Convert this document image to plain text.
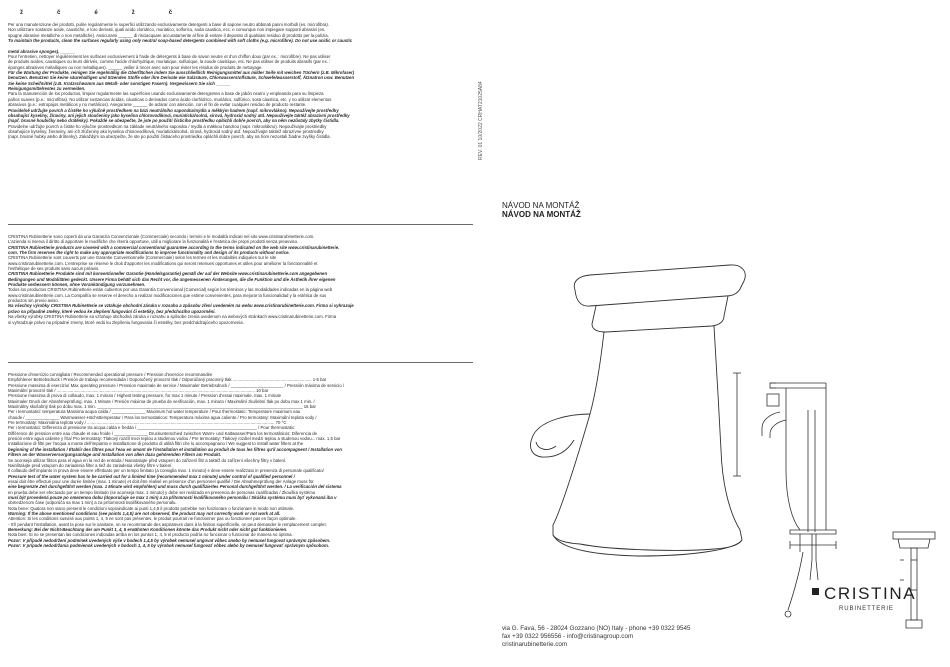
ž	č	é	ž	č

Per una manutenzione dei prodotti, pulire regolarmente le superfici utilizzando esclusivamente detergenti a base di sapone neutro abbinati panni morbidi (es. microfibra).

Non utilizzare sostanze acide, caustiche, e loro derivati, quali acido cloridrico, muriatico, solforico, soda caustica, ecc. e comunque non impiegare supporti abrasivi (es.

spugne abrasive metalliche o non metalliche). Assicurarsi ______ di risciacquare accuratamente al fine di evitare il deposito di qualsiasi residuo di prodotto per la pulizia.

To maintain the products, clean the surfaces regularly using only neutral soap-based detergents combined with soft cloths (e.g. microfibre). Do not use acidic or caustic

metal abrasive sponges). ______

Pour l'entretien, nettoyer régulièrement les surfaces exclusivement à l'aide de détergents à base de savon neutre et d'un chiffon doux (par ex. : microfibre). Ne pas utiliser

de produits acides, caustiques ou leurs dérivés, comme l'acide chlorhydrique, muriatique, sulfurique, la soude caustique, etc. Ne pas utiliser de produits abrasifs (par ex. :

éponges abrasives métalliques ou non métalliques). ______ veiller à rincer avec soin pour éviter les résidus de produits de nettoyage.

Für die Wartung der Produkte, reinigen Sie regelmäßig die Oberflächen indem Sie ausschließlich Reinigungsmittel aus milder Seife mit weichen Tüchern (z.B. Mikrofaser)

benutzen. Benutzen Sie keine säurehaltigen und ätzenden Stoffe oder ihre Derivate wie Salzsäure, Chlorwasserstoffsäure, Schwefelwasserstoff, Ätznatron usw. Benutzen

Sie keine Scheifmittel (z.B. Kratzschwamm aus Metall- oder sonstigen Fasern). Vergewissern Sie sich ______

Reinigungsmittelrestes zu vermeiden.

Para la manutención de los productos, limpiar regularmente las superficies usando exclusivamente detergentes a base de jabón neutro y empleando para su limpieza

paños suaves (p.e.: microfibra). No utilizar sustancias ácidas, cáusticas o derivados como ácido clorhídrico, muriático, sulfúrico, sosa cáustica, etc. y no utilizar elementos

abrasivos (p.e.: estropajos metálicos y no metálicos). Asegurarse ______ de aclarar con atención, con el fin de evitar cualquier residuo de producto restante.

Pravidelně udržujte povrch a čistěte ho výlučně prostředkem na bázi neutrálního saponátu/mýdla a měkkým hadrem (např. mikrovlákno). Nepoužívejte prostředky

obsahující kyseliny, žíraviny, ani jejich sloučeniny jako kyselina chlorovodíková, muriatická/solná, sírová, hydroxid sodný atd. Nepoužívejte taktéž abrazivní prostředky

(např. brusné houbičky nebo drátěnky). Pokaždé se ubezpečte, že jste po použití čisticího prostředku opláchli dobře povrch, aby na něm nezůstaly zbytky čistidla.

Pravidelne udržujte povrch a čistite ho výlučne prostriedkom na základe neutrálneho saponátu / mydla a mäkkou handrou (napr. mikrovlákno). Nepoužívajte prostriedky

obsahujúce kyseliny, žieraviny, ani ich zlúčeniny ako kyselina chlorovodíková, muriatická/solná, sírová, hydroxid sodný atď. Nepoužívajte taktiež abrazívne prostriedky

(napr. brusné hubky alebo drôtenky). Zakaždým sa ubezpečte, že ste po použití čistiaceho prostriedku opláchli dobre povrch, aby na ňom nezostali žiadne zvyšky čistidla.

CRISTINA Rubinetterie sono coperti da una Garanzia Convenzionale (Commerciale) secondo i termini e le modalità indicati nel sito www.cristinarubinetterie.com.

L'azienda si riserva il diritto di apportare le modifiche che riterrà opportune, utili a migliorare la funzionalità e l'estetica dei propri prodotti senza preavviso.

CRISTINA Rubinetterie products are covered with a commercial conventional guarantee according to the terms indicated on the web site www.cristinarubinetterie.

com. The firm reserves the right to make any appropriate modifications to improve functionality and design of its products without notice.

CRISTINA Rubinetterie sont couverts par une Garantie Conventionnelle (Commerciale) selon les termes et les modalités indiquées sur le site

www.cristinarubinetterie.com. L'entreprise se réserve le droit d'apporter les modifications qui seront retenues opportunes et utiles pour améliorer la fonctionnalité et

l'esthétique de ses produits sans aucun préavis.

CRISTINA Rubinetterie Produkte sind mit konventioneller Garantie (Handelsgarantie) gemäß der auf der Website www.cristinarubinetterie.com angegebenen

Bedingungen und Modalitäten gedeckt. Unsere Firma behält sich das Recht vor, die angemessenen Änderungen, die die Funktion und die Ästhetik ihrer eigenen

Produkte verbessern können, ohne Vorankündigung vorzunehmen.

Todos los productos CRISTINA Rubinetterie están cubiertos por una Garantía Convencional (Comercial) según los términos y las modalidades indicadas en la página web

www.cristinarubinetterie.com. La Compañía se reserve el derecho a realizar modificaciones que estime convenientes, para mejorar la funcionalidad y la estética de sus

productos sin previo aviso.

Na všechny výrobky CRISTINA Rubinetterie se vztahuje obchodní záruka v rozsahu a způsobu zření uvedeném na webu www.cristinarubinetterie.com. Firma si vyhrazuje

právo na případné změny, které vedou ke zlepšení fungování či estetiky, bez předchozího upozornění.

Na všetky výrobky CRISTINA Rubinetterie sa vzťahuje obchodná záruka v rozsahu a spôsobe zrenia uvedenom na webových stránkach www.cristinarubinetterie.com. Firma

si vyhradzuje právo na prípadné zmeny, ktoré vedú ku zlepšeniu fungovania či estetiky, bez predchádzajúceho upozornenia.

Pressione d'esercizio consigliata / Recommended operational pressure / Pression d'exercice recommandée

Empfohlener Betriebsdruck / Presión de trabajo recomendada / Doporučený provozní tlak / Odporúčaný pracovný tlak .................................................................. 1-5 bar

Pressione massima di esercizio/ Max operating pressure / Pression maximale de service / Maximaler Betriebsdruck / ______________________ / Pressión máxima de servicio /

Maximální provozní tlak / ...................................................................................................................................................................... 10 bar

Pressione massima di prova di collaudo, max. 1 minuto / Highest testing pressure, for max 1 minute / Pression d'essai maximale, max. 1 minute

Maximaler Druck der Abnahmeprüfung, max. 1 Minute / Presión máxima de prueba de verificación, max. 1 minuto / Maximální zkušební tlak po dobu max 1 min. /

Maximálny skušobný tlak po dobu max. 1 min. ______________________________________________________________________________________ 16 bar

Per i termostatici: temperatura Massima acqua calda / ______________ Maximum hot water temperature / Pour thermostatic: Temperature maximum eau

chaude / ______________ Warmwasser-Höchsttemperatur / Para los termostaticos: Temperatura máxima agua caliente / Pro termostaty: Maximální teplota vody /

Pre termostaty: Maximálna teplota vody / ............................................................................................................................................................. 70 °C

Per i termostatici: Differenza di pressione tra acqua calda e fredda / __________________________________________________ / Pour thermostatic:

Différence de pression entre eau chaude et eau froide / ______________ Druckunterschied zwischen Warm- und Kaltwasser/Para los termostáticos: Diferencia de

presión entre agua caliente y fría/ Pro termostaty: Tlakový rozdíl mezi teplou a studenou vodou / Pre termostaty: Tlakový rozdiel medzi teplou a studenou vodou... max. 1,5 bar

Installazione di filtri per l'acqua a monte dell'impianto e installazione di prodotto di utilità filtri che lo accompagnano / We suggest to install water filters at the

beginning of the installation / Établir des filtres pour l'eau en amont de l'installation et installation au produit de tous les filtres qu'il accompagnent / Installation von

Filtern an der Wasserversorgungsanlage und Installation von allen dazu gehörenden Filtern am Produkt.

Se aconseja utilizar filtros para el agua en la red de entrada / Nainstalujte před vstupem do zařízení filtr a taktéž do zařízení všechny filtry v balení.

Nainštalujte pred vstupom do zariadenia filter a tiež do zariadenia všetky filtre v balení.

Il collaudo dell'impianto in prova deve essere effettuato per un tempo limitato (a consiglia max. 1 minuto) e deve essere realizzato in presenza di personale qualificato/

Pressure test of the water system has to be carried out for a limited time (recommended max 1 minute) under control of qualified personnel /

essai doit être effectué pour une durée limitée (max. 1 minute) et doit être réalisé en présence d'un personnel qualifié / Die Abnahmeprüfung der Anlage muss für

eine begrenzte Zeit durchgeführt werden (max. 1 Minute wird empfohlen) und muss durch qualifiziertes Personal durchgeführt werden. / La verificación del sistema

en prueba debe ser efectuado por un tiempo limitado (se aconseja max. 1 minuto) y debe ser realizado en presencia de personas cualificadas / Zkouška systému

musí být provedená pouze po omezenou dobu (doporučuje se max 1 min) a za přítomnosti kvalifikovaného personálu / Skúška systému musí byť vykonaná iba v

obmedzenom čase (odporúča sa max 1 min) a za prítomnosti kvalifikovaného personálu.

Nota bene: Qualora non siano presenti le condizioni sopraindicate ai punti 1,4,5 il prodotto potrebbe non funzionare o funzionare in modo non ottimale.

Warning: If the above mentioned conditions (see points 1,4,5) are not observed, the product may not correctly work or not work at all.

Attention: Si les conditions susvisé aux points 1, 4, 5 ne sont pas présentes, le produit pourrait ne fonctionner pas ou fonctionner pas en façon optimale.

- S'il pendant l'installation, avant la pose sur le sanitaire, on se recommande des aspirateurs dans à la finition superficielle, on peut demander le remplacement complet.

Bemerkung: Bei der Nicht-Beachtung der um Punkt 1, 4, 5 erwähnten Konditionen könnte das Produkt nicht oder nicht gut funktionieren.

Nota bien: Si no se presentan las condiciones indicadas arriba en los puntos 1, 4, 5 el producto podría no funcionar o funcionar de manera no óptima.

Pozor: V případě nedodržení podmínek uvedených výše v bodech 1,4,5 by výrobek nemusel ungovat vůbec anebo by nemusel fungovat správným způsobem.

Pozor: V prípade nedodržania podmienok uvedených v bodoch 1, 4, 5 by výrobok nemusel fungovať vôbec alebo by nemusel fungovať správnym spôsobom.

REV. 01 10/2022 CRHAT21025A84
NÁVOD NA MONTÁŽ
NÁVOD NA MONTÁŽ
CRISTINA
RUBINETTERIE
via G. Fava, 56 - 28024 Gozzano (NO) Italy - phone +39 0322 9545
fax +39 0322 956556 - info@cristinagroup.com
cristinarubinetterie.com
